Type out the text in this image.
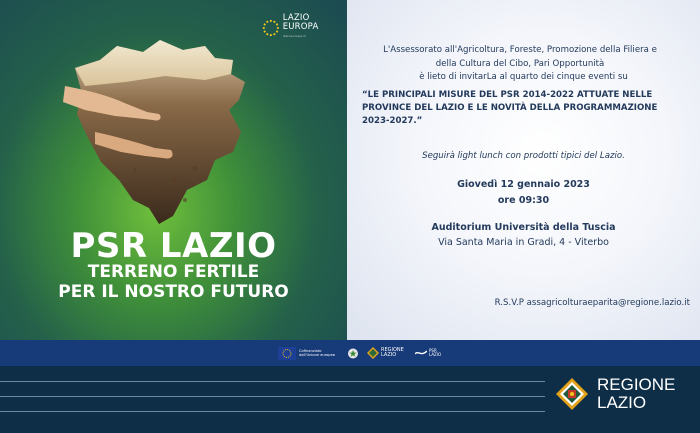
LAZIO EUROPA
lazioeuropa.it
PSR LAZIO
TERRENO FERTILE
PER IL NOSTRO FUTURO
L'Assessorato all'Agricoltura, Foreste, Promozione della Filiera e della Cultura del Cibo, Pari Opportunità
è lieto di invitarLa al quarto dei cinque eventi su
“LE PRINCIPALI MISURE DEL PSR 2014-2022 ATTUATE NELLE PROVINCE DEL LAZIO E LE NOVITÀ DELLA PROGRAMMAZIONE 2023-2027.”
Seguirà light lunch con prodotti tipici del Lazio.
Giovedì 12 gennaio 2023
ore 09:30
Auditorium Università della Tuscia
Via Santa Maria in Gradi, 4 - Viterbo
R.S.V.P assagricolturaeparita@regione.lazio.it
Cofinanziato dall'Unione europea
REGIONE LAZIO
PSR LAZIO
REGIONE
LAZIO
